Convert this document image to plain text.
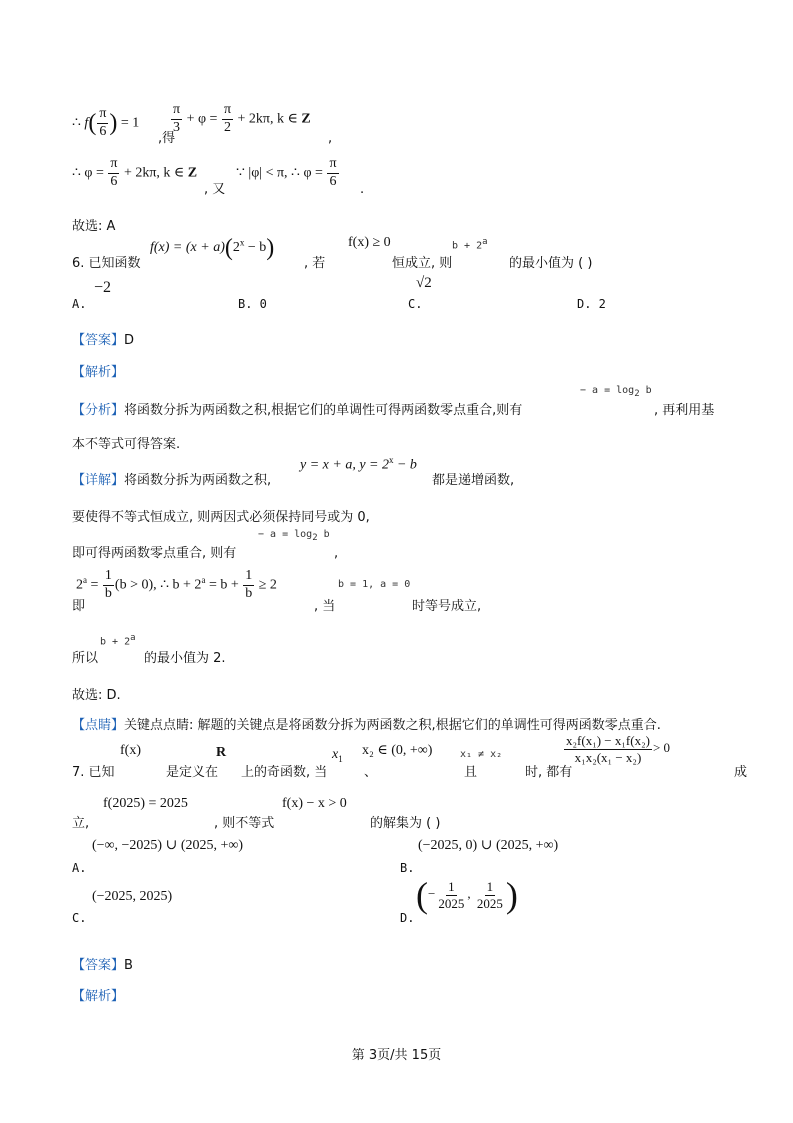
∴ $f( \frac{\pi}{6}$ ) = 1
,得
$\frac{\pi}{3} + \varphi = \frac{\pi}{2} + 2k\pi$, k ∈ Z
,
∴ $\varphi = \frac{\pi}{6} + 2k\pi$, k ∈ Z
, 又
∵ |φ| < π, ∴ $\varphi = \frac{\pi}{6}$
.
故选: A
$f(x) = (x + a)(2^x - b)$	f(x) ≥ 0	$b + 2^a$
6. 已知函数	, 若	恒成立, 则	的最小值为 ( )
−2	√2
A.	B. 0	C.	D. 2
【答案】D
【解析】
− $a = \log_2 b$
【分析】将函数分拆为两函数之积,根据它们的单调性可得两函数零点重合,则有	, 再利用基
本不等式可得答案.
y = x + a, $y = 2^x - b$
【详解】将函数分拆为两函数之积,	都是递增函数,
要使得不等式恒成立, 则两因式必须保持同号或为 0,
− $a = \log_2 b$
即可得两函数零点重合, 则有	,
$2^a = \frac{1}{b} (b > 0)$, ∴ $b + 2^a = b + \frac{1}{b} \ge 2$
即	, 当
b = 1, a = 0
时等号成立,
$b + 2^a$
所以	的最小值为 2.
故选: D.
【点睛】关键点点睛: 解题的关键点是将函数分拆为两函数之积,根据它们的单调性可得两函数零点重合.
f(x)	R	$x_1$
x₂ ∈ (0, +∞)	x₁ ≠ x₂	$\frac{\text{x₂f(x₁) − x₁f(x₂)}}{\text{x₁x₂(x₁ − x₂)}} > 0$
7. 已知	是定义在 上的奇函数, 当	、	且	时, 都有	成
f(2025) = 2025	f(x) − x > 0
立,	, 则不等式	的解集为 ( )
(−∞, −2025) ∪ (2025, +∞)	(−2025, 0) ∪ (2025, +∞)
A.	B.
(−2025, 2025)	(− $\frac{1}{2025}$ , $\frac{1}{2025}$ )
C.	D.
【答案】B
【解析】
第 3页/共 15页
